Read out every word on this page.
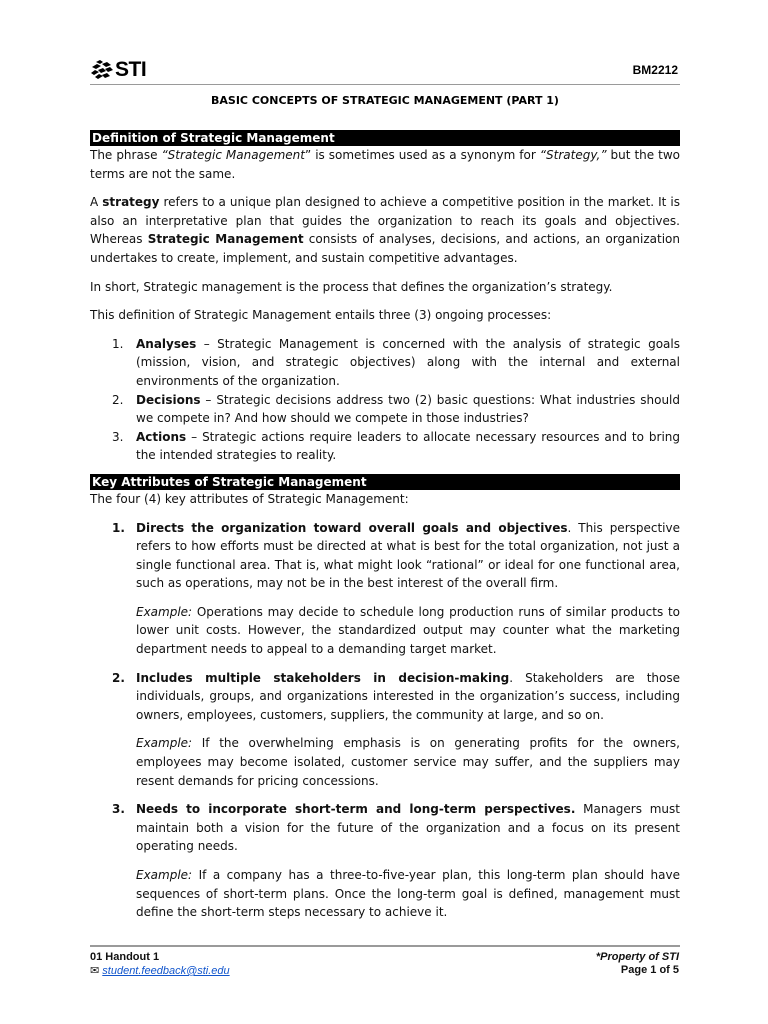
STI	BM2212
BASIC CONCEPTS OF STRATEGIC MANAGEMENT (PART 1)
Definition of Strategic Management

The phrase “Strategic Management” is sometimes used as a synonym for “Strategy,” but the two terms are not the same.

A strategy refers to a unique plan designed to achieve a competitive position in the market. It is also an interpretative plan that guides the organization to reach its goals and objectives. Whereas Strategic Management consists of analyses, decisions, and actions, an organization undertakes to create, implement, and sustain competitive advantages.

In short, Strategic management is the process that defines the organization’s strategy.

This definition of Strategic Management entails three (3) ongoing processes:

1. Analyses – Strategic Management is concerned with the analysis of strategic goals (mission, vision, and strategic objectives) along with the internal and external environments of the organization.
2. Decisions – Strategic decisions address two (2) basic questions: What industries should we compete in? And how should we compete in those industries?
3. Actions – Strategic actions require leaders to allocate necessary resources and to bring the intended strategies to reality.
Key Attributes of Strategic Management

The four (4) key attributes of Strategic Management:

1. Directs the organization toward overall goals and objectives. This perspective refers to how efforts must be directed at what is best for the total organization, not just a single functional area. That is, what might look “rational” or ideal for one functional area, such as operations, may not be in the best interest of the overall firm.

Example: Operations may decide to schedule long production runs of similar products to lower unit costs. However, the standardized output may counter what the marketing department needs to appeal to a demanding target market.

2. Includes multiple stakeholders in decision-making. Stakeholders are those individuals, groups, and organizations interested in the organization’s success, including owners, employees, customers, suppliers, the community at large, and so on.

Example: If the overwhelming emphasis is on generating profits for the owners, employees may become isolated, customer service may suffer, and the suppliers may resent demands for pricing concessions.

3. Needs to incorporate short-term and long-term perspectives. Managers must maintain both a vision for the future of the organization and a focus on its present operating needs.

Example: If a company has a three-to-five-year plan, this long-term plan should have sequences of short-term plans. Once the long-term goal is defined, management must define the short-term steps necessary to achieve it.

01 Handout 1
✉ student.feedback@sti.edu
*Property of STI
Page 1 of 5
